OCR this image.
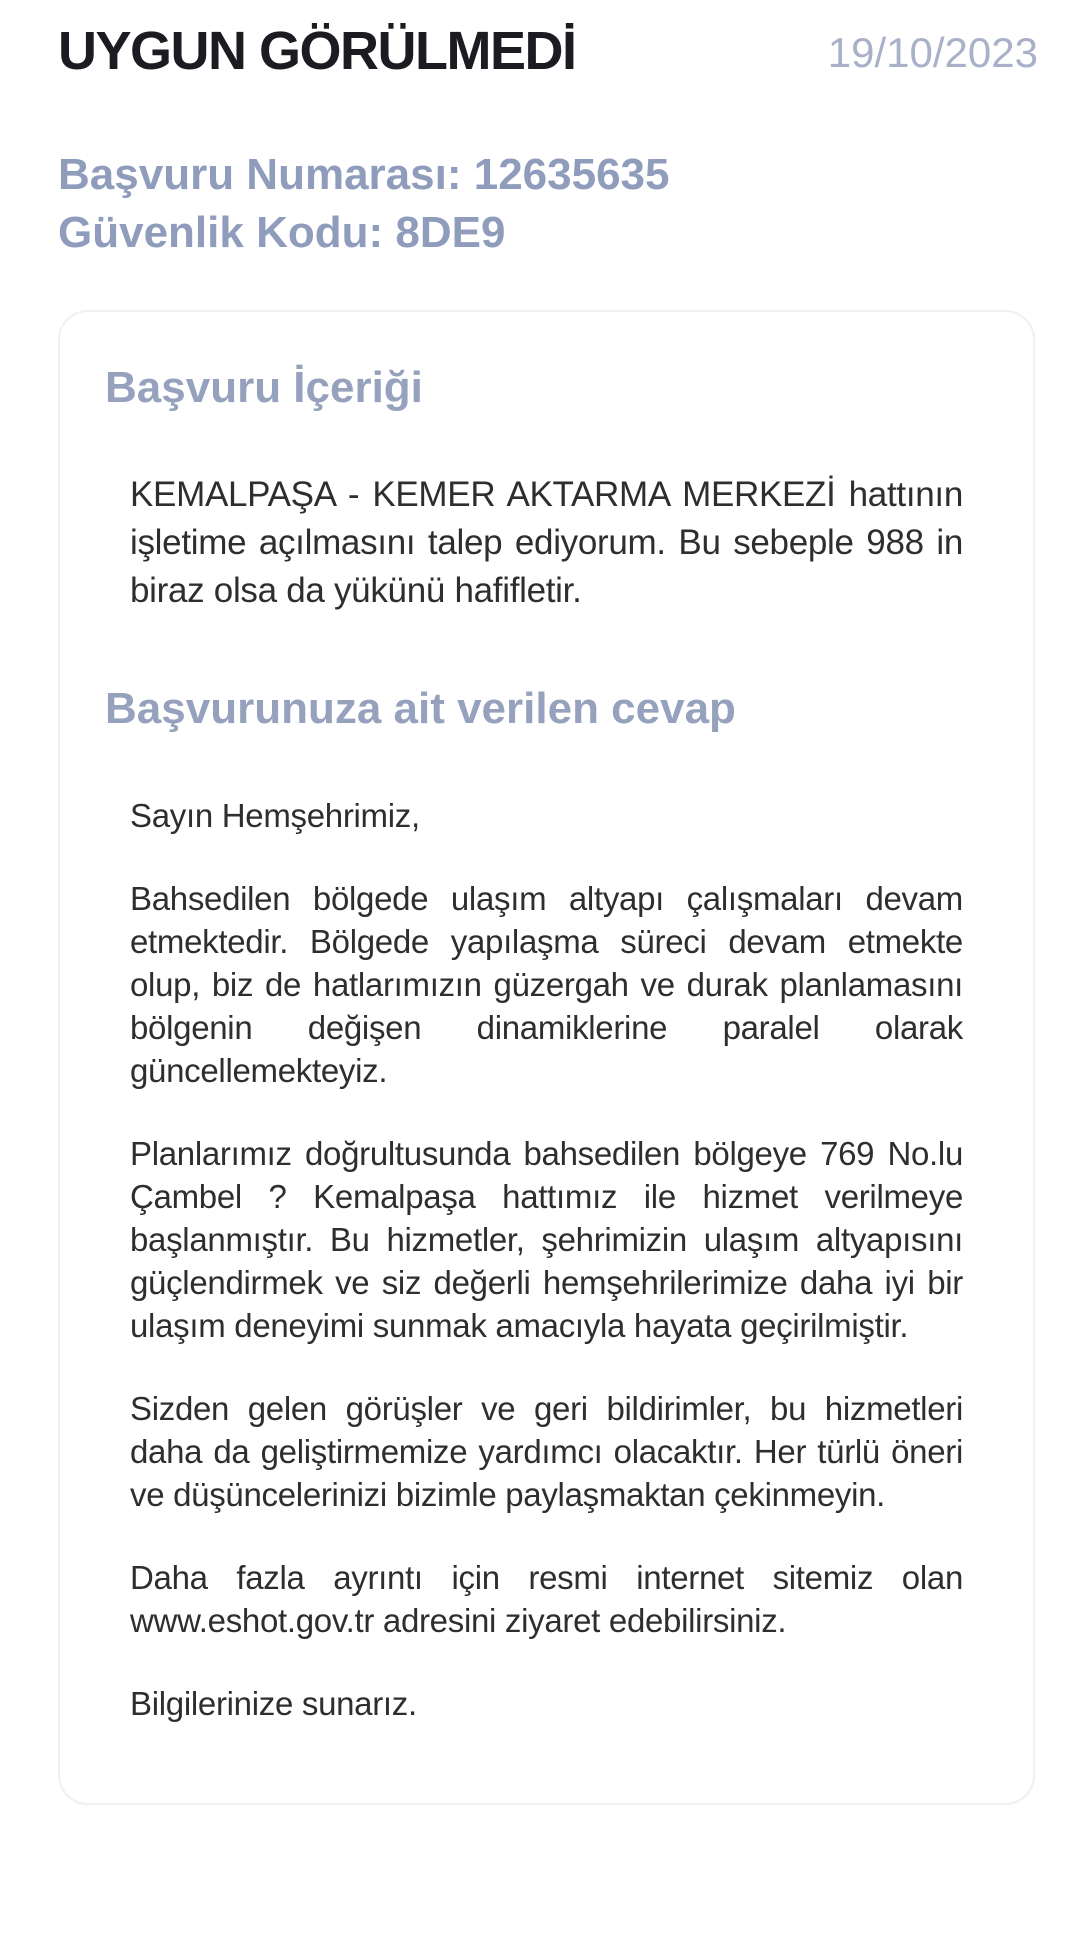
UYGUN GÖRÜLMEDİ	19/10/2023
Başvuru Numarası: 12635635
Güvenlik Kodu: 8DE9
Başvuru İçeriği

KEMALPAŞA - KEMER AKTARMA MERKEZİ hattının işletime açılmasını talep ediyorum. Bu sebeple 988 in biraz olsa da yükünü hafifletir.

Başvurunuza ait verilen cevap

Sayın Hemşehrimiz,

Bahsedilen bölgede ulaşım altyapı çalışmaları devam etmektedir. Bölgede yapılaşma süreci devam etmekte olup, biz de hatlarımızın güzergah ve durak planlamasını bölgenin değişen dinamiklerine paralel olarak güncellemekteyiz.

Planlarımız doğrultusunda bahsedilen bölgeye 769 No.lu Çambel ? Kemalpaşa hattımız ile hizmet verilmeye başlanmıştır. Bu hizmetler, şehrimizin ulaşım altyapısını güçlendirmek ve siz değerli hemşehrilerimize daha iyi bir ulaşım deneyimi sunmak amacıyla hayata geçirilmiştir.

Sizden gelen görüşler ve geri bildirimler, bu hizmetleri daha da geliştirmemize yardımcı olacaktır. Her türlü öneri ve düşüncelerinizi bizimle paylaşmaktan çekinmeyin.

Daha fazla ayrıntı için resmi internet sitemiz olan www.eshot.gov.tr adresini ziyaret edebilirsiniz.

Bilgilerinize sunarız.
